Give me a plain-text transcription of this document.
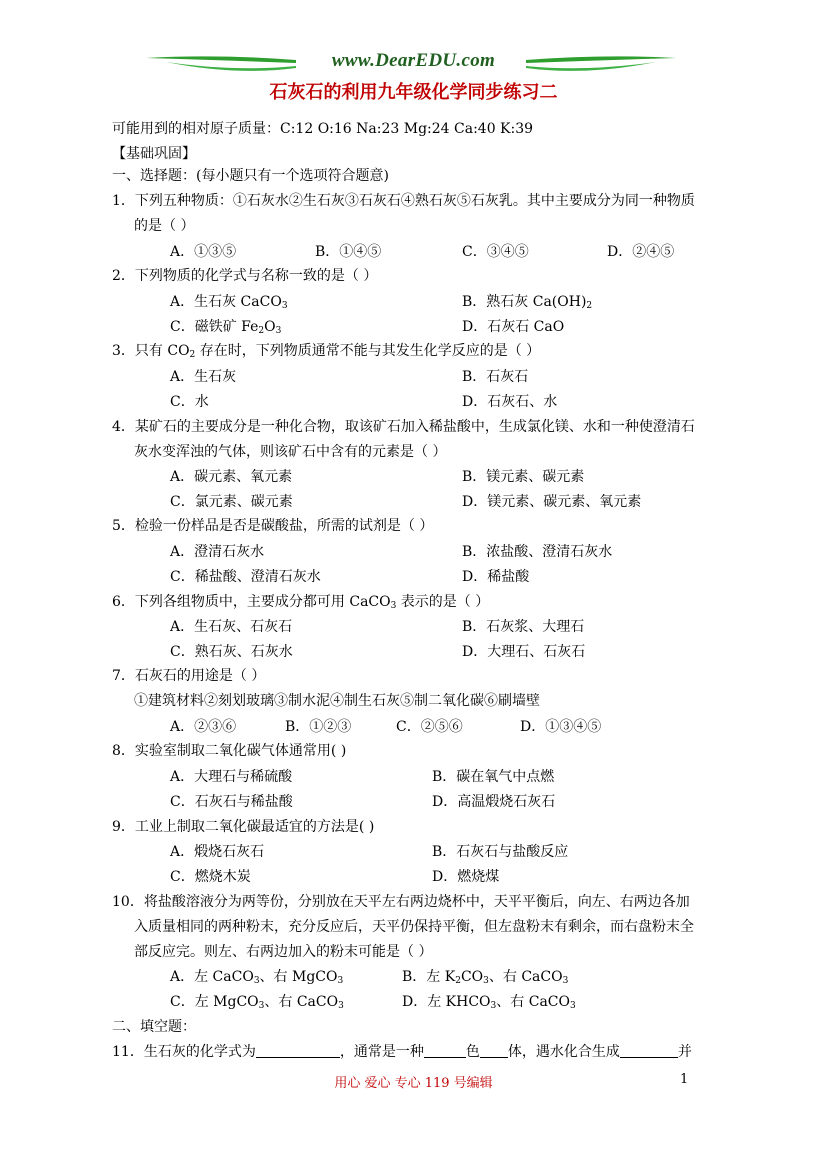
www.DearEDU.com
石灰石的利用九年级化学同步练习二
可能用到的相对原子质量：C:12 O:16 Na:23 Mg:24 Ca:40 K:39
【基础巩固】
一、选择题：(每小题只有一个选项符合题意)
1．下列五种物质：①石灰水②生石灰③石灰石④熟石灰⑤石灰乳。其中主要成分为同一种物质
的是（ ）
A．①③⑤	B．①④⑤	C．③④⑤	D．②④⑤
2．下列物质的化学式与名称一致的是（ ）
A．生石灰 CaCO$_3$	B．熟石灰 $Ca(OH)_2$
C．磁铁矿 $Fe_2O_3$	D．石灰石 CaO
3．只有 $CO_2$ 存在时，下列物质通常不能与其发生化学反应的是（ ）
A．生石灰	B．石灰石
C．水	D．石灰石、水
4．某矿石的主要成分是一种化合物，取该矿石加入稀盐酸中，生成氯化镁、水和一种使澄清石
灰水变浑浊的气体，则该矿石中含有的元素是（ ）
A．碳元素、氧元素	B．镁元素、碳元素
C．氯元素、碳元素	D．镁元素、碳元素、氧元素
5．检验一份样品是否是碳酸盐，所需的试剂是（ ）
A．澄清石灰水	B．浓盐酸、澄清石灰水
C．稀盐酸、澄清石灰水	D．稀盐酸
6．下列各组物质中，主要成分都可用 CaCO$_3$ 表示的是（ ）
A．生石灰、石灰石	B．石灰浆、大理石
C．熟石灰、石灰水	D．大理石、石灰石
7．石灰石的用途是（ ）
①建筑材料②刻划玻璃③制水泥④制生石灰⑤制二氧化碳⑥刷墙壁
A．②③⑥	B．①②③	C．②⑤⑥	D．①③④⑤
8．实验室制取二氧化碳气体通常用( )
A．大理石与稀硫酸	B．碳在氧气中点燃
C．石灰石与稀盐酸	D．高温煅烧石灰石
9．工业上制取二氧化碳最适宜的方法是( )
A．煅烧石灰石	B．石灰石与盐酸反应
C．燃烧木炭	D．燃烧煤
10．将盐酸溶液分为两等份，分别放在天平左右两边烧杯中，天平平衡后，向左、右两边各加
入质量相同的两种粉末，充分反应后，天平仍保持平衡，但左盘粉末有剩余，而右盘粉末全
部反应完。则左、右两边加入的粉末可能是（ ）
A．左 CaCO$_3$、右 MgCO$_3$	B．左 $K_2CO_3$、右 CaCO$_3$
C．左 MgCO$_3$、右 CaCO$_3$	D．左 $KHCO_3$、右 CaCO$_3$
二、填空题：
11．生石灰的化学式为	，通常是一种	色 体，遇水化合生成	并
用心 爱心 专心 119 号编辑	1
